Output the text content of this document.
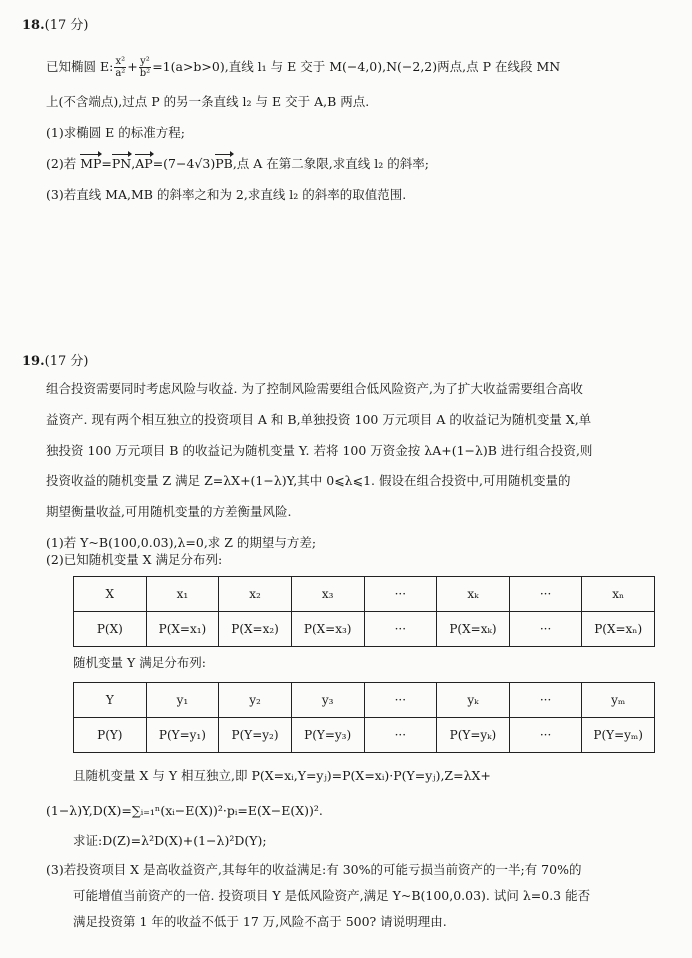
18.(17 分)
已知椭圆 E: $\frac{\text{x²}}{\text{a²}} + \frac{\text{y²}}{\text{b²}} =1(a>b>0)$,直线 l₁ 与 E 交于 M(−4,0),N(−2,2)两点,点 P 在线段 MN
上(不含端点),过点 P 的另一条直线 l₂ 与 E 交于 A,B 两点.
(1)求椭圆 E 的标准方程;
(2)若 MP=PN,AP=(7−4√3)PB,点 A 在第二象限,求直线 l₂ 的斜率;
(3)若直线 MA,MB 的斜率之和为 2,求直线 l₂ 的斜率的取值范围.
19.(17 分)
组合投资需要同时考虑风险与收益. 为了控制风险需要组合低风险资产,为了扩大收益需要组合高收
益资产. 现有两个相互独立的投资项目 A 和 B,单独投资 100 万元项目 A 的收益记为随机变量 X,单
独投资 100 万元项目 B 的收益记为随机变量 Y. 若将 100 万资金按 λA+(1−λ)B 进行组合投资,则
投资收益的随机变量 Z 满足 Z=λX+(1−λ)Y,其中 0⩽λ⩽1. 假设在组合投资中,可用随机变量的
期望衡量收益,可用随机变量的方差衡量风险.
(1)若 Y~B(100,0.03),λ=0,求 Z 的期望与方差;
(2)已知随机变量 X 满足分布列:
X	x₁	x₂	x₃	···	xₖ	···	xₙ
P(X)	P(X=x₁)	P(X=x₂)	P(X=x₃)	···	P(X=xₖ)	···	P(X=xₙ)
随机变量 Y 满足分布列:
Y	y₁	y₂	y₃	···	yₖ	···	yₘ
P(Y)	P(Y=y₁)	P(Y=y₂)	P(Y=y₃)	···	P(Y=yₖ)	···	P(Y=yₘ)
且随机变量 X 与 Y 相互独立,即 P(X=xᵢ,Y=yⱼ)=P(X=xᵢ)·P(Y=yⱼ),Z=λX+
(1−λ)Y,D(X)=∑ᵢ₌₁ⁿ(xᵢ−E(X))²·pᵢ=E(X−E(X))².
求证:D(Z)=λ²D(X)+(1−λ)²D(Y);
(3)若投资项目 X 是高收益资产,其每年的收益满足:有 30%的可能亏损当前资产的一半;有 70%的
可能增值当前资产的一倍. 投资项目 Y 是低风险资产,满足 Y~B(100,0.03). 试问 λ=0.3 能否
满足投资第 1 年的收益不低于 17 万,风险不高于 500? 请说明理由.
